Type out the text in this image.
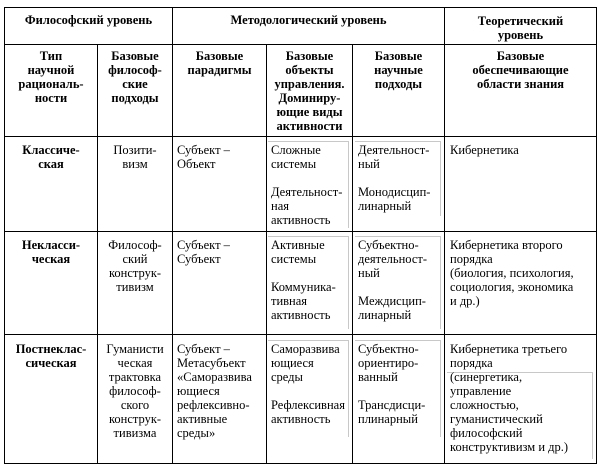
Философский уровень	Методологический уровень	Теоретический
уровень
Тип
научной
рациональ-
ности
Базовые
философ-
ские
подходы
Базовые
парадигмы
Базовые
объекты
управления.
Доминиру-
ющие виды
активности
Базовые
научные
подходы
Базовые
обеспечивающие
области знания
Классиче-
ская
Позити-
визм
Субъект –
Объект
Сложные
системы

Деятельност-
ная
активность
Деятельност-
ный

Монодисцип-
линарный
Кибернетика
Некласси-
ческая
Философ-
ский
конструк-
тивизм
Субъект –
Субъект
Активные
системы

Коммуника-
тивная
активность
Субъектно-
деятельност-
ный

Междисцип-
линарный
Кибернетика второго
порядка
(биология, психология,
социология, экономика
и др.)
Постнеклас-
сическая
Гуманисти
ческая
трактовка
философ-
ского
конструк-
тивизма
Субъект –
Метасубъект
«Саморазвива
ющиеся
рефлексивно-
активные
среды»
Саморазвива
ющиеся
среды

Рефлексивная
активность
Субъектно-
ориентиро-
ванный

Трансдисци-
плинарный
Кибернетика третьего
порядка
(синергетика,
управление
сложностью,
гуманистический
философский
конструктивизм и др.)
